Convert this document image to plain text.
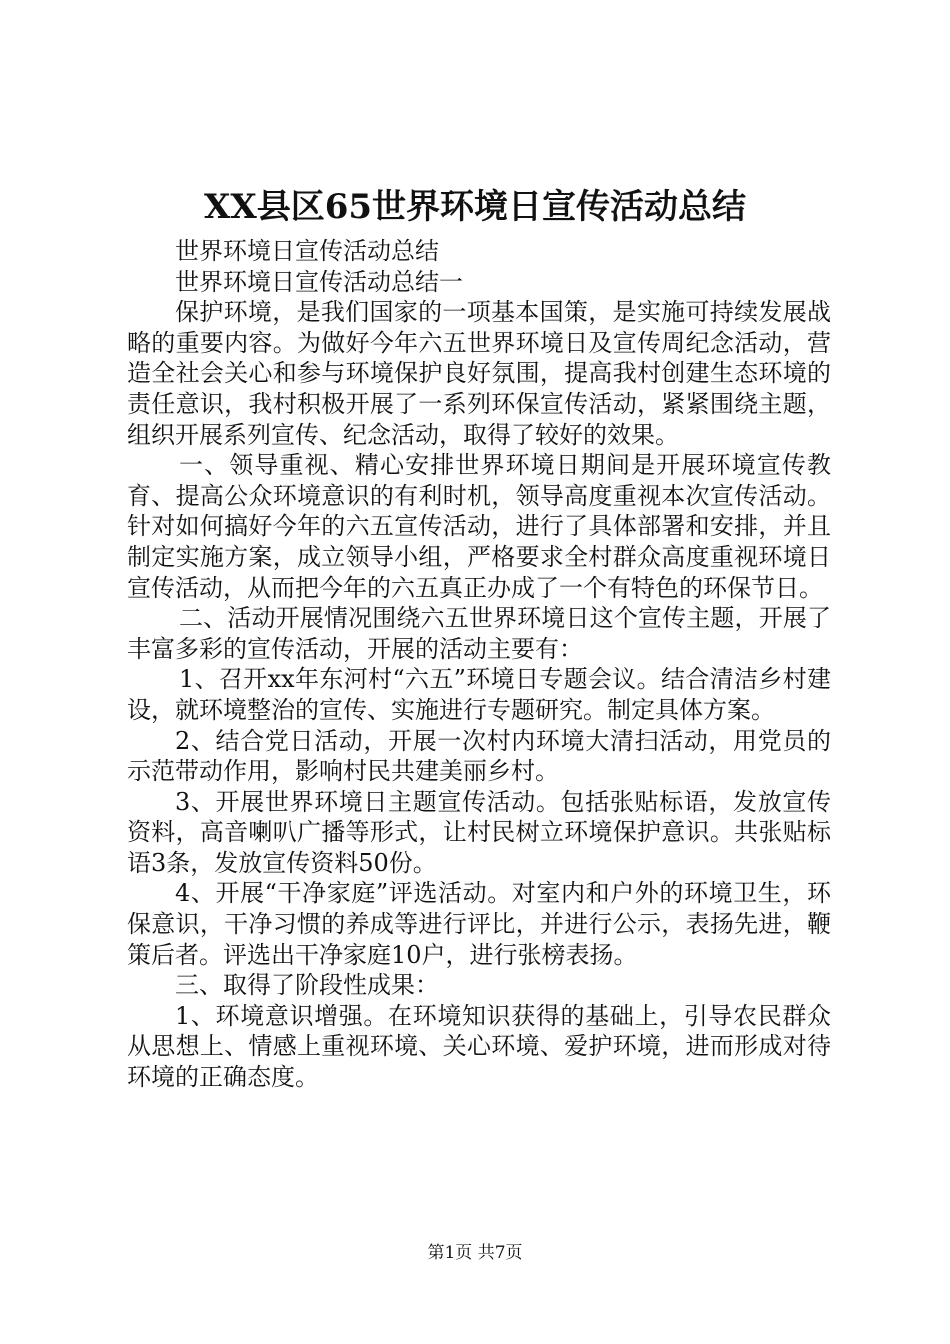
XX县区65世界环境日宣传活动总结

世界环境日宣传活动总结

世界环境日宣传活动总结一

保护环境，是我们国家的一项基本国策，是实施可持续发展战略的重要内容。为做好今年六五世界环境日及宣传周纪念活动，营造全社会关心和参与环境保护良好氛围，提高我村创建生态环境的责任意识，我村积极开展了一系列环保宣传活动，紧紧围绕主题，组织开展系列宣传、纪念活动，取得了较好的效果。

一、领导重视、精心安排世界环境日期间是开展环境宣传教育、提高公众环境意识的有利时机，领导高度重视本次宣传活动。针对如何搞好今年的六五宣传活动，进行了具体部署和安排，并且制定实施方案，成立领导小组，严格要求全村群众高度重视环境日宣传活动，从而把今年的六五真正办成了一个有特色的环保节日。

二、活动开展情况围绕六五世界环境日这个宣传主题，开展了丰富多彩的宣传活动，开展的活动主要有：

1、召开xx年东河村“六五”环境日专题会议。结合清洁乡村建设，就环境整治的宣传、实施进行专题研究。制定具体方案。

2、结合党日活动，开展一次村内环境大清扫活动，用党员的示范带动作用，影响村民共建美丽乡村。

3、开展世界环境日主题宣传活动。包括张贴标语，发放宣传资料，高音喇叭广播等形式，让村民树立环境保护意识。共张贴标语3条，发放宣传资料50份。

4、开展“干净家庭”评选活动。对室内和户外的环境卫生，环保意识，干净习惯的养成等进行评比，并进行公示，表扬先进，鞭策后者。评选出干净家庭10户，进行张榜表扬。

三、取得了阶段性成果：

1、环境意识增强。在环境知识获得的基础上，引导农民群众从思想上、情感上重视环境、关心环境、爱护环境，进而形成对待环境的正确态度。

第1页 共7页
